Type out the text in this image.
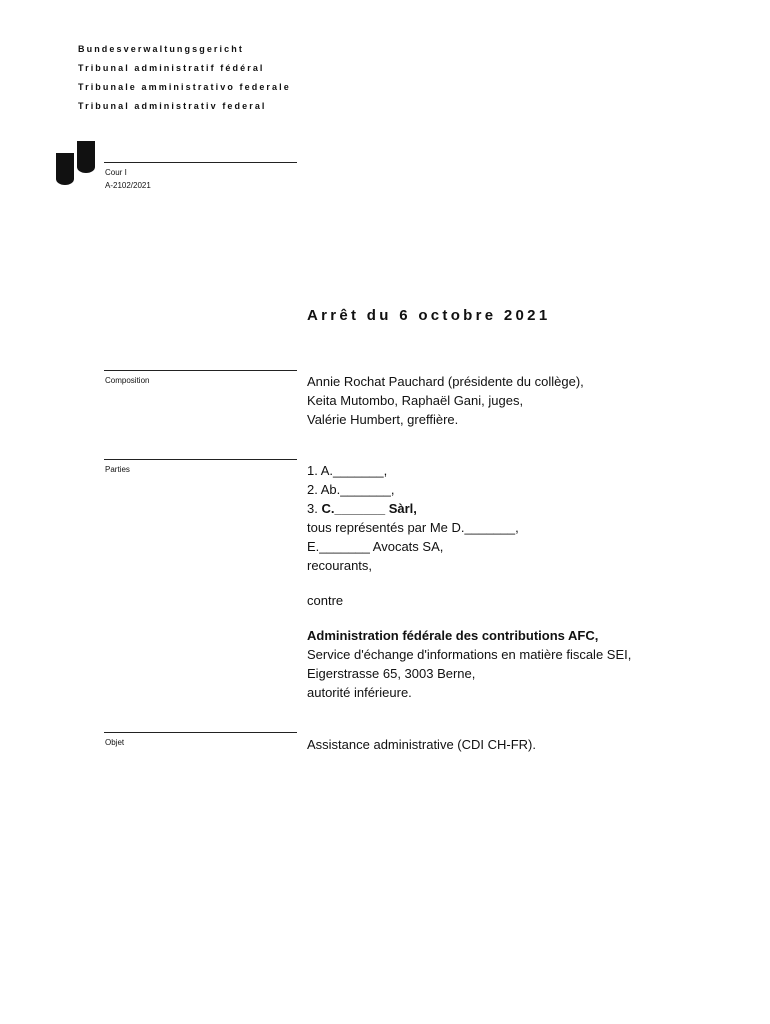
Bundesverwaltungsgericht
Tribunal administratif fédéral
Tribunale amministrativo federale
Tribunal administrativ federal
Cour I
A-2102/2021
Arrêt du 6 octobre 2021
Composition	Annie Rochat Pauchard (présidente du collège),
Keita Mutombo, Raphaël Gani, juges,
Valérie Humbert, greffière.
Parties	1. A._______,
2. Ab._______,
3. C._______ Sàrl,
tous représentés par Me D._______,
E._______ Avocats SA,
recourants,
contre
Administration fédérale des contributions AFC,
Service d'échange d'informations en matière fiscale SEI,
Eigerstrasse 65, 3003 Berne,
autorité inférieure.
Objet	Assistance administrative (CDI CH-FR).
